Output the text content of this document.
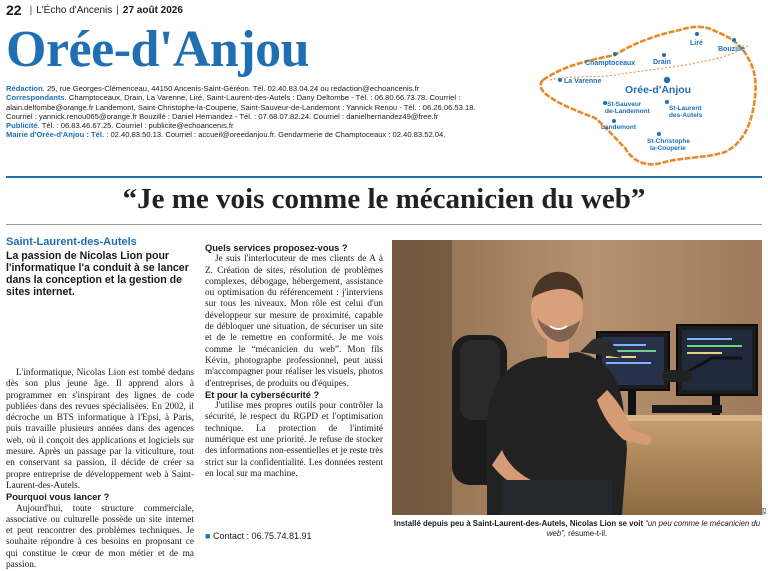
22 | L'Écho d'Ancenis | 27 août 2026
Orée-d'Anjou

Rédaction. 25, rue Georges-Clémenceau, 44150 Ancenis-Saint-Géréon. Tél. 02.40.83.04.24 ou redaction@echoancenis.fr

Correspondants. Champtoceaux, Drain, La Varenne, Liré, Saint-Laurent-des-Autels : Dany Deltombe - Tél. : 06.80.66.73.78. Courriel : alain.deltombe@orange.fr Landemont, Saint-Christophe-la-Couperie, Saint-Sauveur-de-Landemont : Yannick Renou - Tél. : 06.26.06.53.18. Courriel : yannick.renou065@orange.fr Bouzillé : Daniel Hernandez - Tél. : 07.68.07.82.24. Courriel : danielhernandez49@free.fr

Publicité. Tél. : 06.83.46.67.25. Courriel : publicite@echoancenis.fr

Mairie d'Orée-d'Anjou : Tél. : 02.40.83.50.13. Courriel : accueil@oreedanjou.fr. Gendarmerie de Champtoceaux : 02.40.83.52.04.

Liré
Bouzillé
Champtoceaux	Drain
La Varenne
Orée-d'Anjou
St-Sauveur
de-Landemont	St-Laurent
des-Autels
Landemont
St-Christophe
la-Couperie
“Je me vois comme le mécanicien du web”
Saint-Laurent-des-Autels
La passion de Nicolas Lion pour l'informatique l'a conduit à se lancer dans la conception et la gestion de sites internet.

L'informatique, Nicolas Lion est tombé dedans dès son plus jeune âge. Il apprend alors à programmer en s'inspirant des lignes de code publiées dans des revues spécialisées. En 2002, il décroche un BTS informatique à l'Epsi, à Paris, puis travaille plusieurs années dans des agences web, où il conçoit des applications et logiciels sur mesure. Après un passage par la viticulture, tout en conservant sa passion, il décide de créer sa propre entreprise de développement web à Saint-Laurent-des-Autels.

Pourquoi vous lancer ?

Aujourd'hui, toute structure commerciale, associative ou culturelle possède un site internet et peut rencontrer des problèmes techniques. Je souhaite répondre à ces besoins en proposant ce qui constitue le cœur de mon métier et de ma passion.

Quels services proposez-vous ?

Je suis l'interlocuteur de mes clients de A à Z. Création de sites, résolution de problèmes complexes, débogage, hébergement, assistance ou optimisation du référencement : j'interviens sur tous les niveaux. Mon rôle est celui d'un développeur sur mesure de proximité, capable de débloquer une situation, de sécuriser un site et de le remettre en conformité. Je me vois comme le “mécanicien du web”. Mon fils Kévin, photographe professionnel, peut aussi m'accompagner pour réaliser les visuels, photos d'entreprises, de produits ou d'équipes.

Et pour la cybersécurité ?

J'utilise mes propres outils pour contrôler la sécurité, le respect du RGPD et l'optimisation technique. La protection de l'intimité numérique est une priorité. Je refuse de stocker des informations non-essentielles et je reste très strict sur la confidentialité. Les données restent en local sur ma machine.

■ Contact : 06.75.74.81.91
Installé depuis peu à Saint-Laurent-des-Autels, Nicolas Lion se voit “un peu comme le mécanicien du web”, résume-t-il.
EB
